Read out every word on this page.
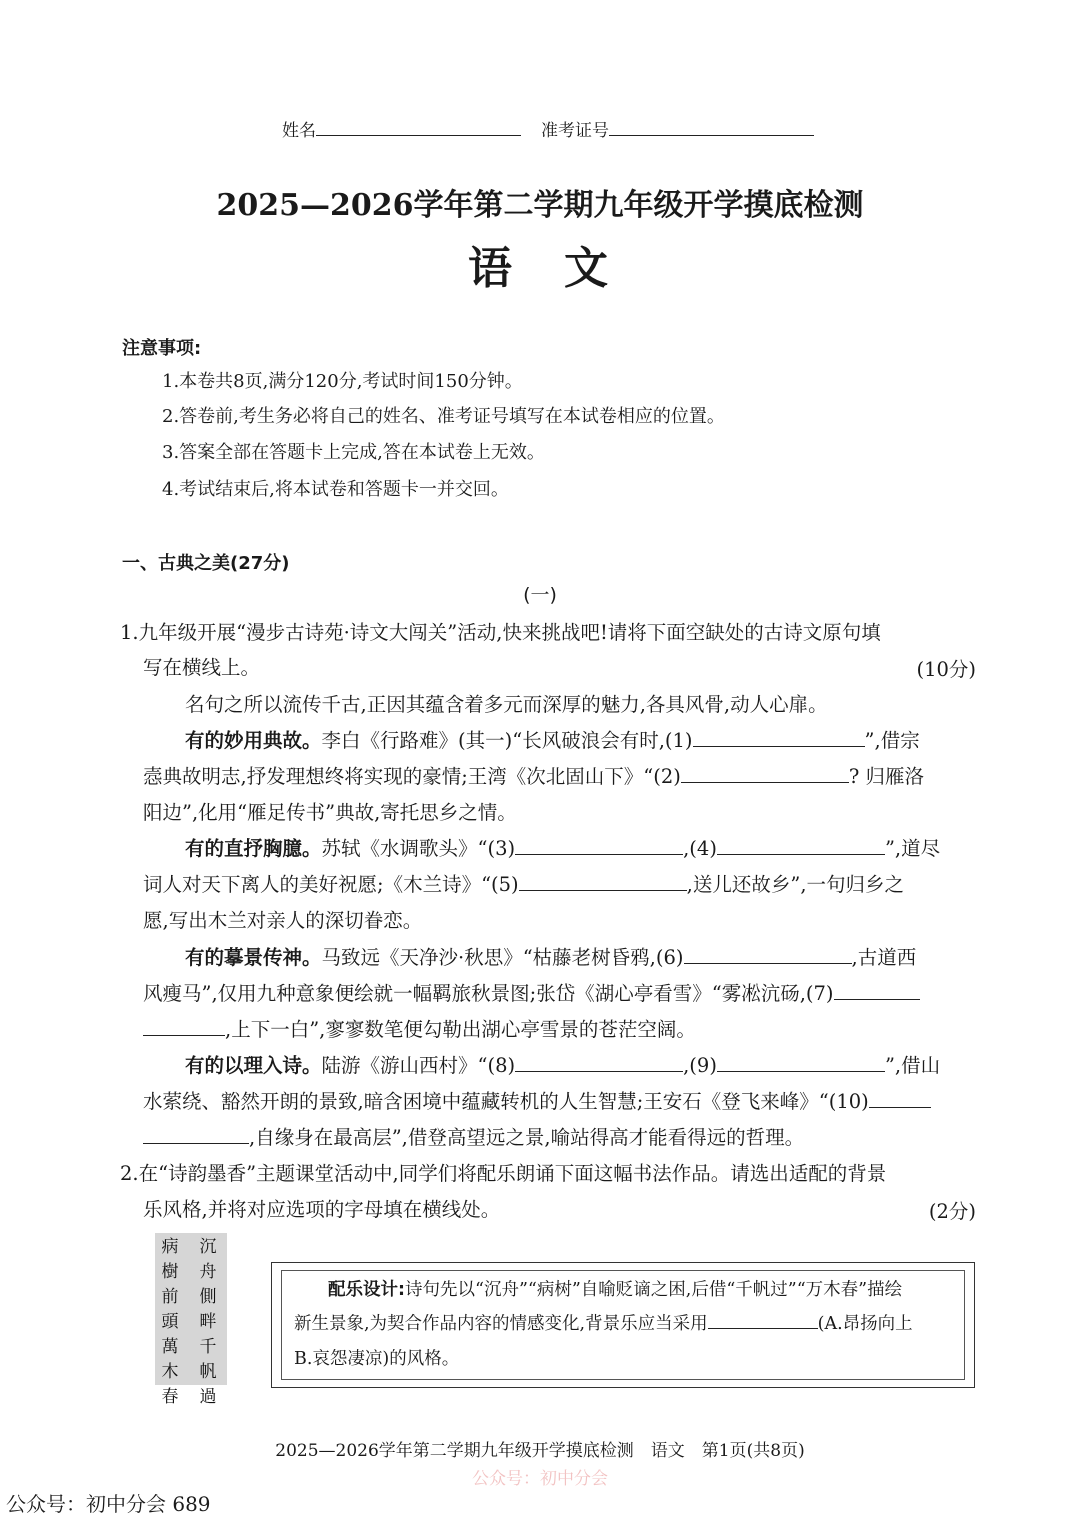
姓名	准考证号
2025—2026学年第二学期九年级开学摸底检测
语　文
注意事项:
1.本卷共8页,满分120分,考试时间150分钟。
2.答卷前,考生务必将自己的姓名、准考证号填写在本试卷相应的位置。
3.答案全部在答题卡上完成,答在本试卷上无效。
4.考试结束后,将本试卷和答题卡一并交回。
一、古典之美(27分)
(一)
1.九年级开展“漫步古诗苑·诗文大闯关”活动,快来挑战吧!请将下面空缺处的古诗文原句填
写在横线上。	(10分)
名句之所以流传千古,正因其蕴含着多元而深厚的魅力,各具风骨,动人心扉。
有的妙用典故。李白《行路难》(其一)“长风破浪会有时,(1)	”,借宗
悫典故明志,抒发理想终将实现的豪情;王湾《次北固山下》“(2)	? 归雁洛
阳边”,化用“雁足传书”典故,寄托思乡之情。
有的直抒胸臆。苏轼《水调歌头》“(3)	,(4)	”,道尽
词人对天下离人的美好祝愿;《木兰诗》“(5)	,送儿还故乡”,一句归乡之
愿,写出木兰对亲人的深切眷恋。
有的摹景传神。马致远《天净沙·秋思》“枯藤老树昏鸦,(6)	,古道西
风瘦马”,仅用九种意象便绘就一幅羁旅秋景图;张岱《湖心亭看雪》“雾凇沆砀,(7)
,上下一白”,寥寥数笔便勾勒出湖心亭雪景的苍茫空阔。
有的以理入诗。陆游《游山西村》“(8)	,(9)	”,借山
水萦绕、豁然开朗的景致,暗含困境中蕴藏转机的人生智慧;王安石《登飞来峰》“(10)
,自缘身在最高层”,借登高望远之景,喻站得高才能看得远的哲理。
2.在“诗韵墨香”主题课堂活动中,同学们将配乐朗诵下面这幅书法作品。请选出适配的背景
乐风格,并将对应选项的字母填在横线处。	(2分)
病樹前頭萬木春
沉舟側畔千帆過
配乐设计:诗句先以“沉舟”“病树”自喻贬谪之困,后借“千帆过”“万木春”描绘
新生景象,为契合作品内容的情感变化,背景乐应当采用	(A.昂扬向上
B.哀怨凄凉)的风格。
2025—2026学年第二学期九年级开学摸底检测　语文　第1页(共8页)
公众号：初中分会
公众号：初中分会 689
